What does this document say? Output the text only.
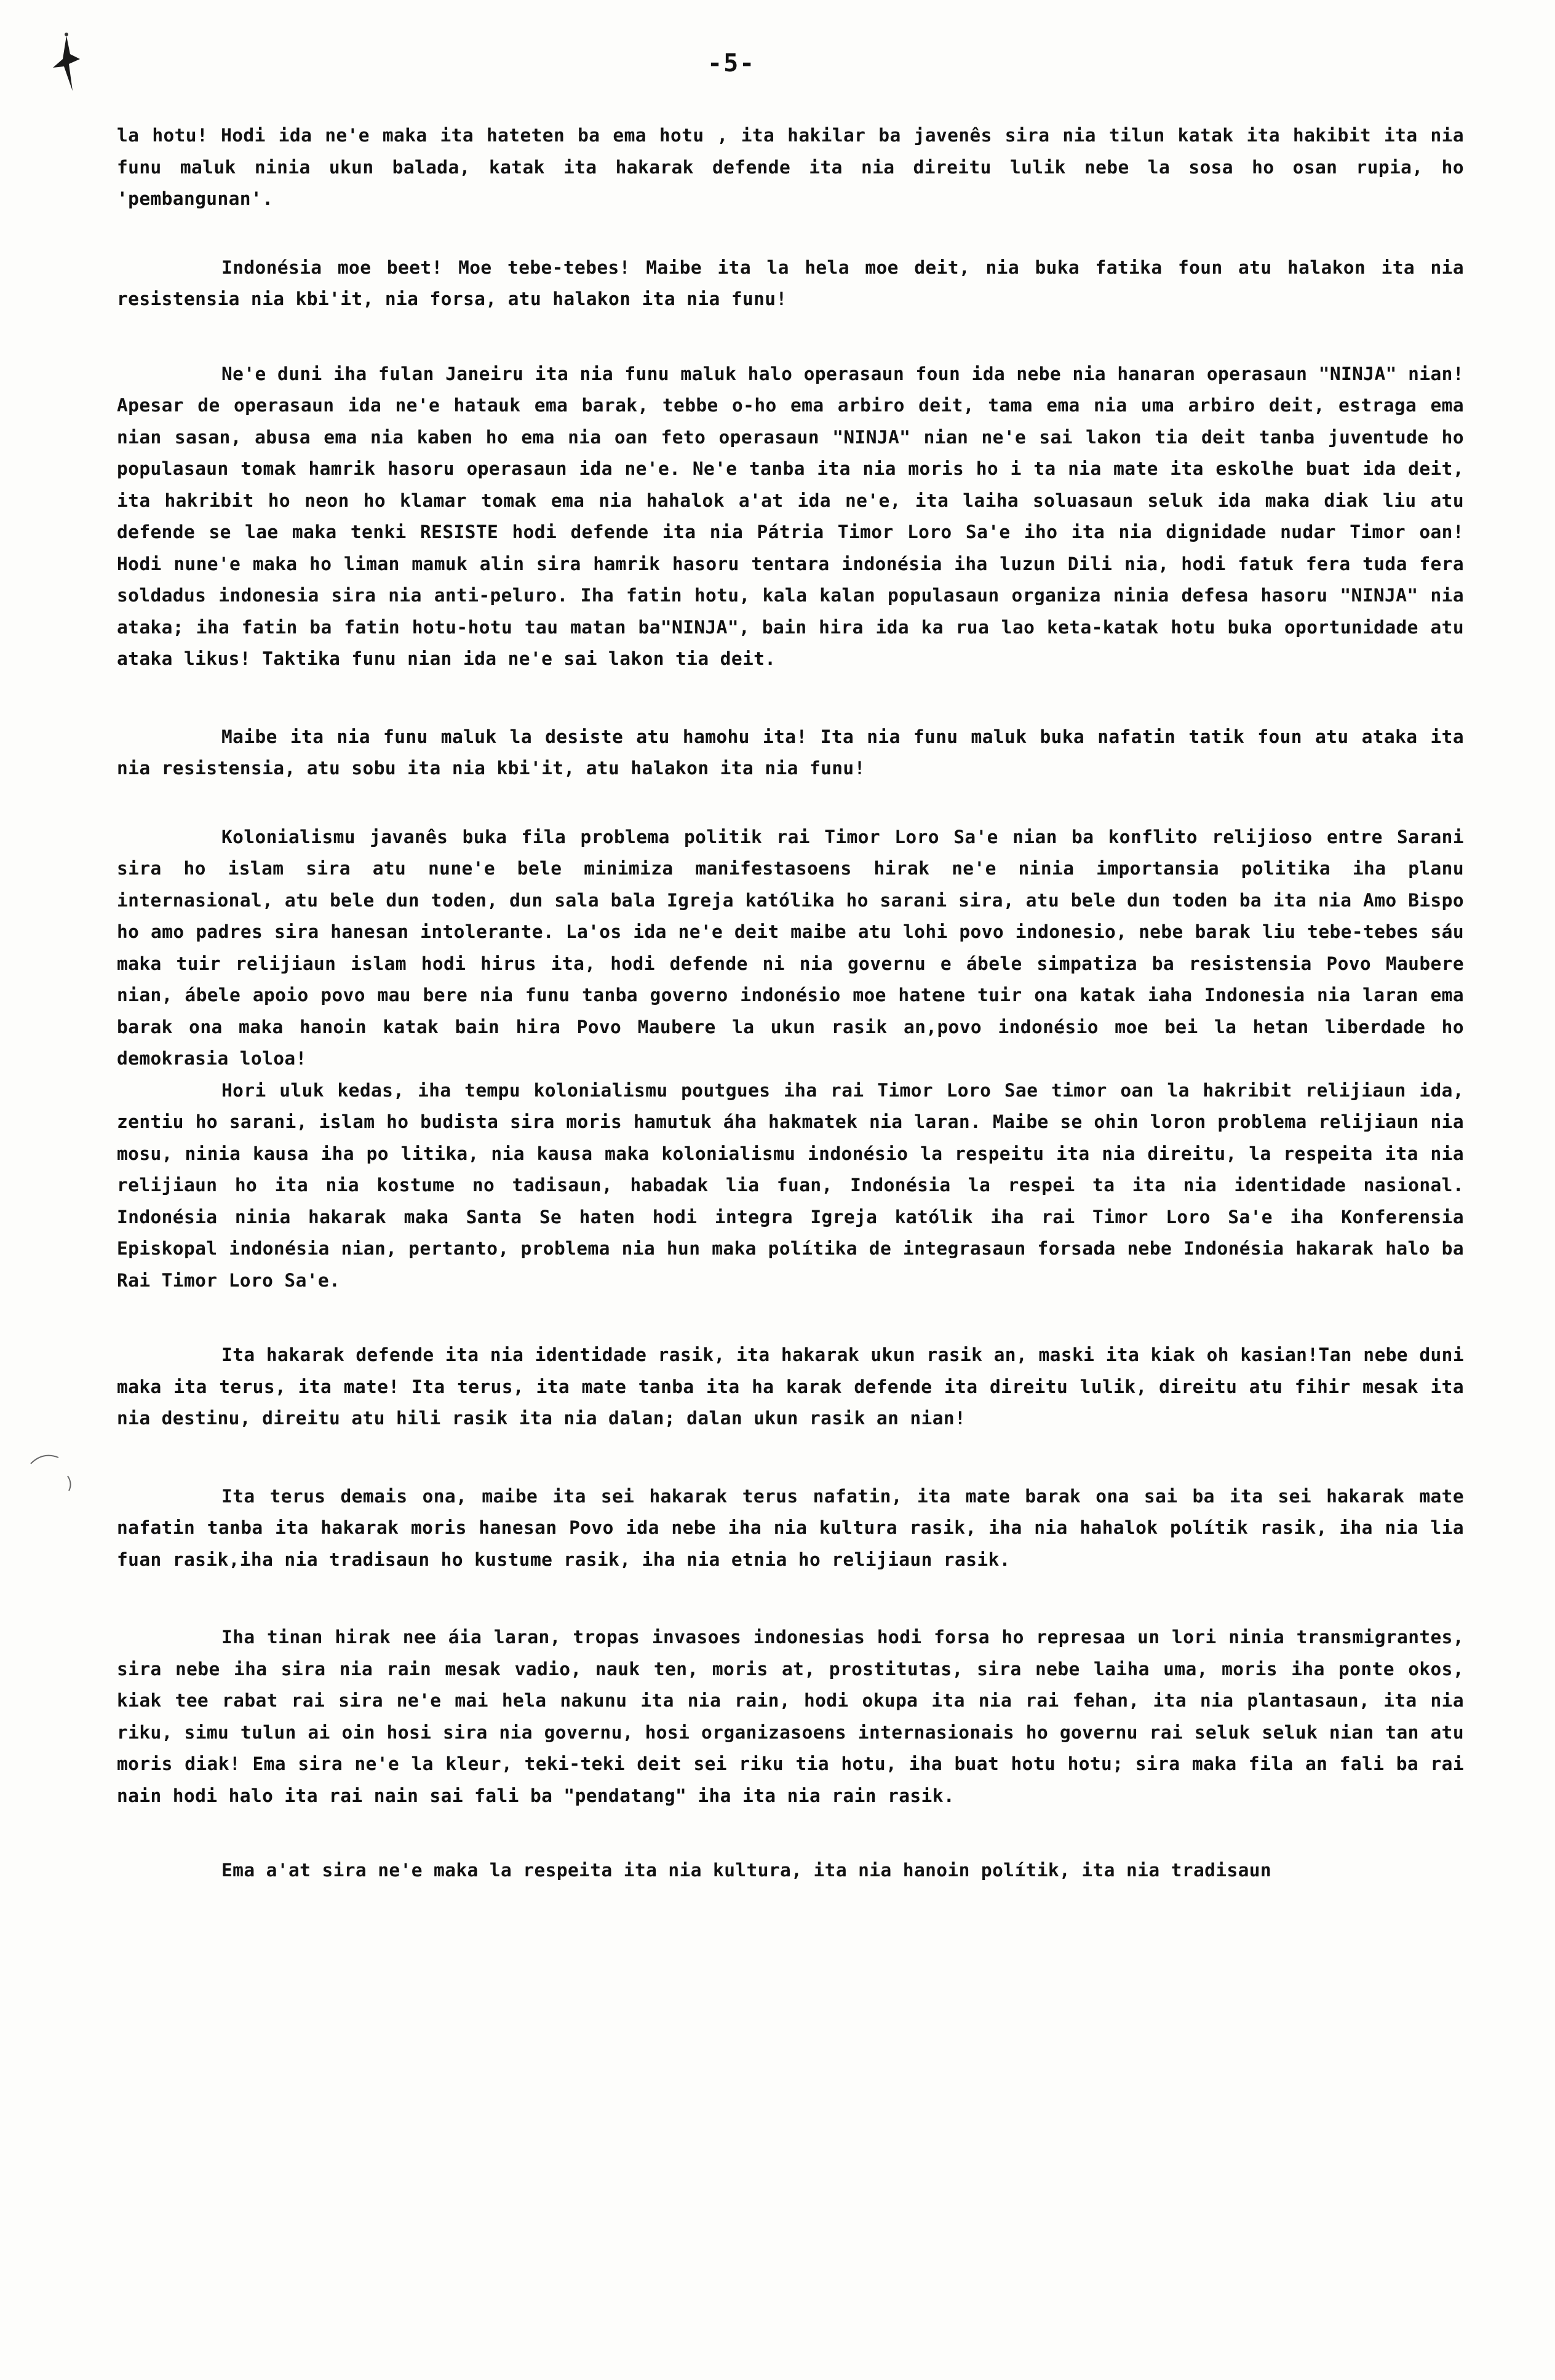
-5-

la hotu! Hodi ida ne'e maka ita hateten ba ema hotu , ita hakilar ba javenês sira nia tilun katak ita hakibit ita nia funu maluk ninia ukun balada, katak ita hakarak defende ita nia direitu lulik nebe la sosa ho osan rupia, ho 'pembangunan'.

Indonésia moe beet! Moe tebe-tebes! Maibe ita la hela moe deit, nia buka fatika foun atu halakon ita nia resistensia nia kbi'it, nia forsa, atu halakon ita nia funu!

Ne'e duni iha fulan Janeiru ita nia funu maluk halo operasaun foun ida nebe nia hanaran operasaun "NINJA" nian! Apesar de operasaun ida ne'e hatauk ema barak, tebbe o-ho ema arbiro deit, tama ema nia uma arbiro deit, estraga ema nian sasan, abusa ema nia kaben ho ema nia oan feto operasaun "NINJA" nian ne'e sai lakon tia deit tanba juventude ho populasaun tomak hamrik hasoru operasaun ida ne'e. Ne'e tanba ita nia moris ho i ta nia mate ita eskolhe buat ida deit, ita hakribit ho neon ho klamar tomak ema nia hahalok a'at ida ne'e, ita laiha soluasaun seluk ida maka diak liu atu defende se lae maka tenki RESISTE hodi defende ita nia Pátria Timor Loro Sa'e iho ita nia dignidade nudar Timor oan! Hodi nune'e maka ho liman mamuk alin sira hamrik hasoru tentara indonésia iha luzun Dili nia, hodi fatuk fera tuda fera soldadus indonesia sira nia anti-peluro. Iha fatin hotu, kala kalan populasaun organiza ninia defesa hasoru "NINJA" nia ataka; iha fatin ba fatin hotu-hotu tau matan ba"NINJA", bain hira ida ka rua lao keta-katak hotu buka oportunidade atu ataka likus! Taktika funu nian ida ne'e sai lakon tia deit.

Maibe ita nia funu maluk la desiste atu hamohu ita! Ita nia funu maluk buka nafatin tatik foun atu ataka ita nia resistensia, atu sobu ita nia kbi'it, atu halakon ita nia funu!

Kolonialismu javanês buka fila problema politik rai Timor Loro Sa'e nian ba konflito relijioso entre Sarani sira ho islam sira atu nune'e bele minimiza manifestasoens hirak ne'e ninia importansia politika iha planu internasional, atu bele dun toden, dun sala bala Igreja katólika ho sarani sira, atu bele dun toden ba ita nia Amo Bispo ho amo padres sira hanesan intolerante. La'os ida ne'e deit maibe atu lohi povo indonesio, nebe barak liu tebe-tebes sáu maka tuir relijiaun islam hodi hirus ita, hodi defende ni nia governu e ábele simpatiza ba resistensia Povo Maubere nian, ábele apoio povo mau bere nia funu tanba governo indonésio moe hatene tuir ona katak iaha Indonesia nia laran ema barak ona maka hanoin katak bain hira Povo Maubere la ukun rasik an,povo indonésio moe bei la hetan liberdade ho demokrasia loloa!

Hori uluk kedas, iha tempu kolonialismu poutgues iha rai Timor Loro Sae timor oan la hakribit relijiaun ida, zentiu ho sarani, islam ho budista sira moris hamutuk áha hakmatek nia laran. Maibe se ohin loron problema relijiaun nia mosu, ninia kausa iha po litika, nia kausa maka kolonialismu indonésio la respeitu ita nia direitu, la respeita ita nia relijiaun ho ita nia kostume no tadisaun, habadak lia fuan, Indonésia la respei ta ita nia identidade nasional. Indonésia ninia hakarak maka Santa Se haten hodi integra Igreja katólik iha rai Timor Loro Sa'e iha Konferensia Episkopal indonésia nian, pertanto, problema nia hun maka polítika de integrasaun forsada nebe Indonésia hakarak halo ba Rai Timor Loro Sa'e.

Ita hakarak defende ita nia identidade rasik, ita hakarak ukun rasik an, maski ita kiak oh kasian!Tan nebe duni maka ita terus, ita mate! Ita terus, ita mate tanba ita ha karak defende ita direitu lulik, direitu atu fihir mesak ita nia destinu, direitu atu hili rasik ita nia dalan; dalan ukun rasik an nian!

Ita terus demais ona, maibe ita sei hakarak terus nafatin, ita mate barak ona sai ba ita sei hakarak mate nafatin tanba ita hakarak moris hanesan Povo ida nebe iha nia kultura rasik, iha nia hahalok polítik rasik, iha nia lia fuan rasik,iha nia tradisaun ho kustume rasik, iha nia etnia ho relijiaun rasik.

Iha tinan hirak nee áia laran, tropas invasoes indonesias hodi forsa ho represaa un lori ninia transmigrantes, sira nebe iha sira nia rain mesak vadio, nauk ten, moris at, prostitutas, sira nebe laiha uma, moris iha ponte okos, kiak tee rabat rai sira ne'e mai hela nakunu ita nia rain, hodi okupa ita nia rai fehan, ita nia plantasaun, ita nia riku, simu tulun ai oin hosi sira nia governu, hosi organizasoens internasionais ho governu rai seluk seluk nian tan atu moris diak! Ema sira ne'e la kleur, teki-teki deit sei riku tia hotu, iha buat hotu hotu; sira maka fila an fali ba rai nain hodi halo ita rai nain sai fali ba "pendatang" iha ita nia rain rasik.

Ema a'at sira ne'e maka la respeita ita nia kultura, ita nia hanoin polítik, ita nia tradisaun
